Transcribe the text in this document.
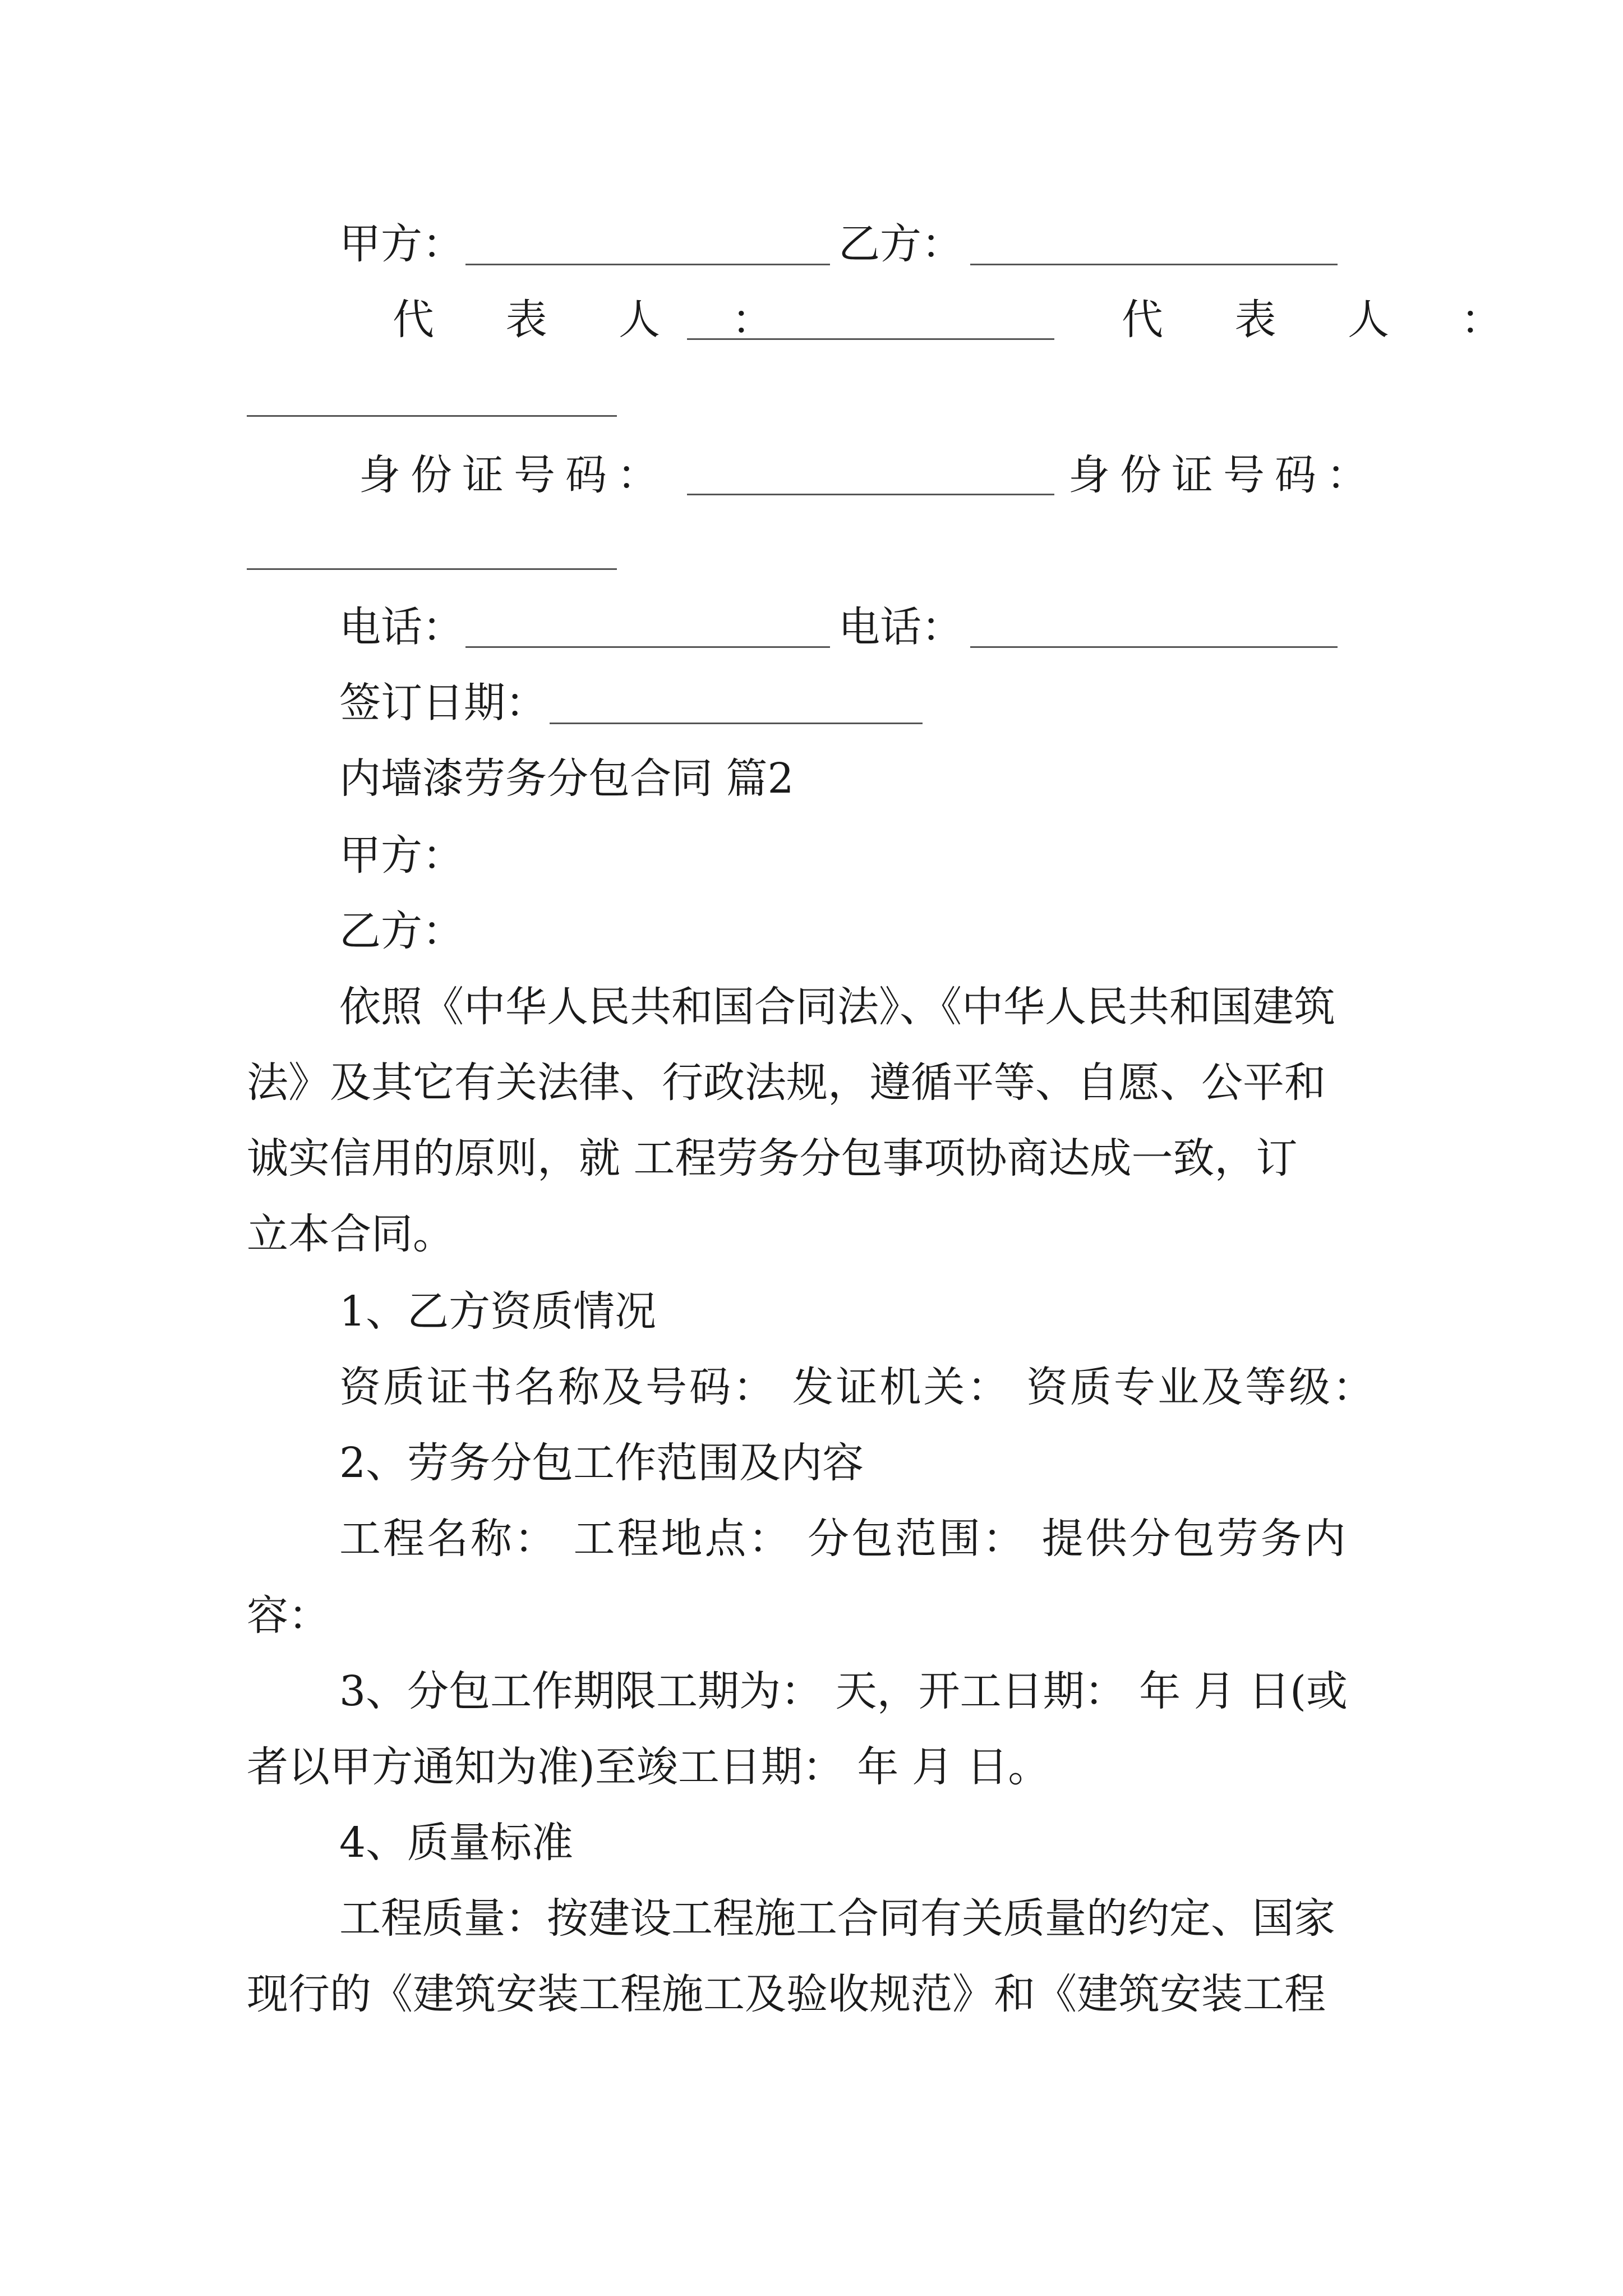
甲方：	乙方：
代 表 人 ：	代 表 人 ：
身份证号码：	身份证号码：
电话：	电话：
签订日期：
内墙漆劳务分包合同 篇2
甲方：
乙方：
依照《中华人民共和国合同法》、《中华人民共和国建筑
法》及其它有关法律、行政法规，遵循平等、自愿、公平和
诚实信用的原则，就 工程劳务分包事项协商达成一致，订
立本合同。
1、乙方资质情况
资质证书名称及号码： 发证机关： 资质专业及等级：
2、劳务分包工作范围及内容
工程名称： 工程地点： 分包范围： 提供分包劳务内
容：
3、分包工作期限工期为： 天，开工日期： 年 月 日(或
者以甲方通知为准)至竣工日期： 年 月 日。
4、质量标准
工程质量：按建设工程施工合同有关质量的约定、国家
现行的《建筑安装工程施工及验收规范》和《建筑安装工程
